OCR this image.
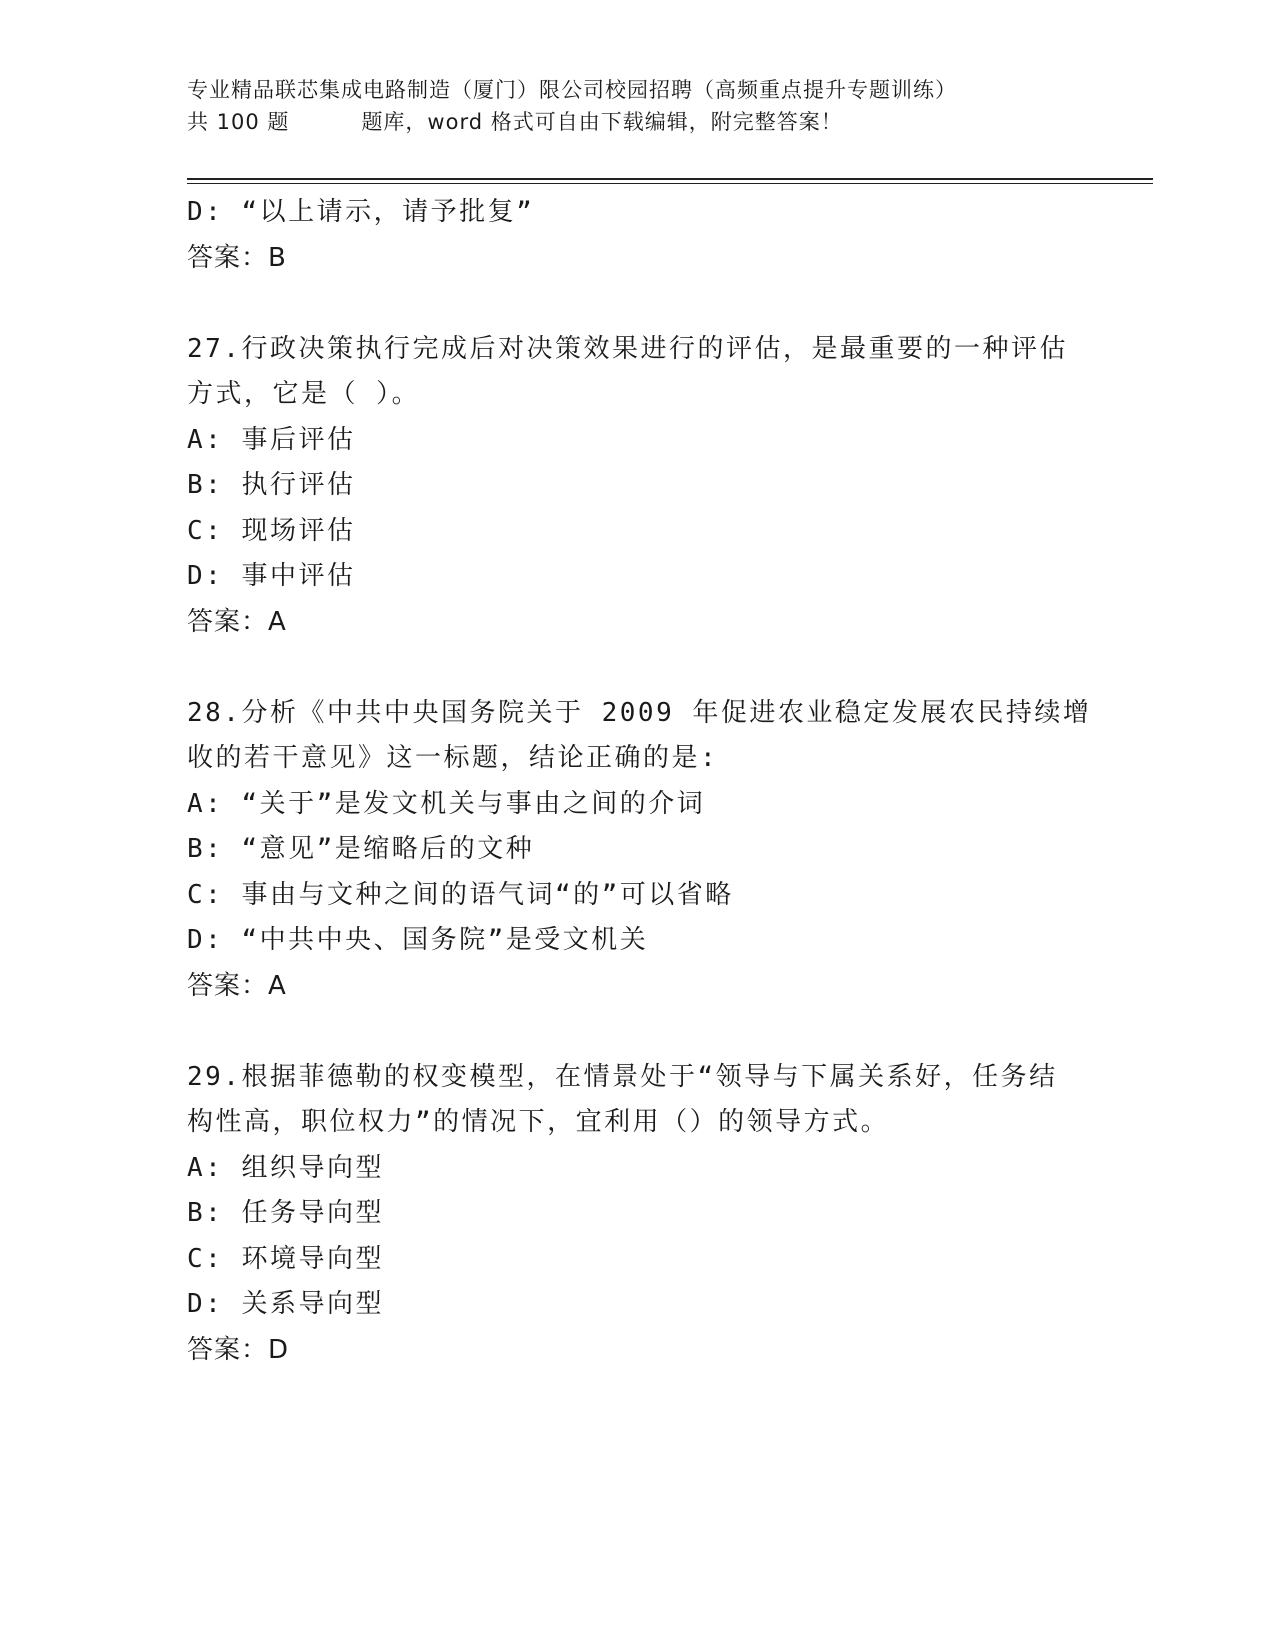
专业精品联芯集成电路制造（厦门）限公司校园招聘（高频重点提升专题训练）
共 100 题	题库，word 格式可自由下载编辑，附完整答案！
D: “以上请示，请予批复”
答案：B
27.行政决策执行完成后对决策效果进行的评估，是最重要的一种评估
方式，它是（ ）。
A: 事后评估
B: 执行评估
C: 现场评估
D: 事中评估
答案：A
28.分析《中共中央国务院关于 2009 年促进农业稳定发展农民持续增
收的若干意见》这一标题，结论正确的是:
A: “关于”是发文机关与事由之间的介词
B: “意见”是缩略后的文种
C: 事由与文种之间的语气词“的”可以省略
D: “中共中央、国务院”是受文机关
答案：A
29.根据菲德勒的权变模型，在情景处于“领导与下属关系好，任务结
构性高，职位权力”的情况下，宜利用（）的领导方式。
A: 组织导向型
B: 任务导向型
C: 环境导向型
D: 关系导向型
答案：D
